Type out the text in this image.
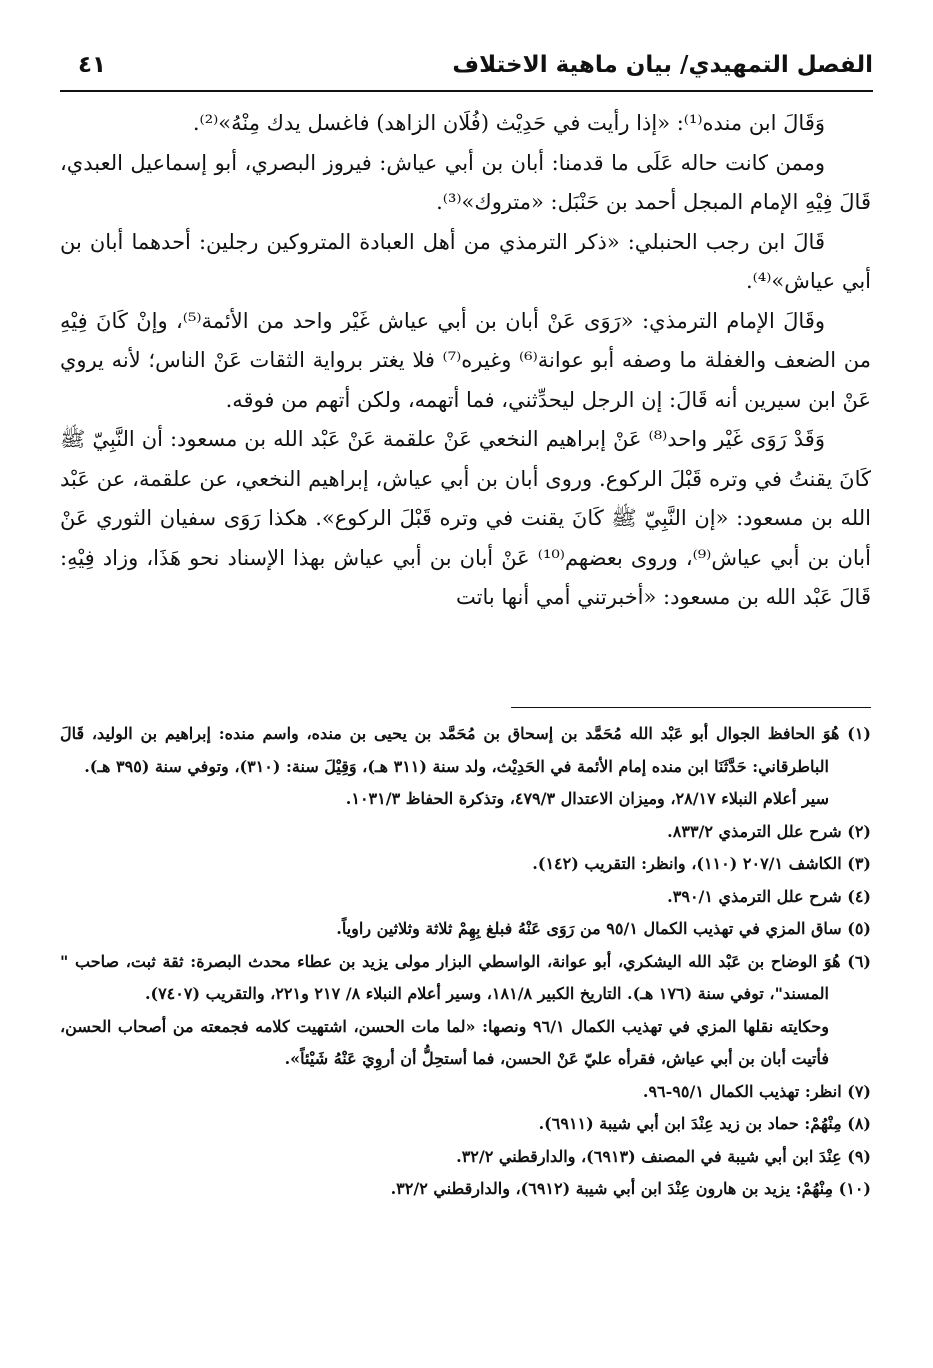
الفصل التمهيدي/ بيان ماهية الاختلاف
٤١

وَقَالَ ابن منده⁽¹⁾: «إذا رأيت في حَدِيْث (فُلَان الزاهد) فاغسل يدك مِنْهُ»⁽²⁾.

وممن كانت حاله عَلَى ما قدمنا: أبان بن أبي عياش: فيروز البصري، أبو إسماعيل العبدي، قَالَ فِيْهِ الإمام المبجل أحمد بن حَنْبَل: «متروك»⁽³⁾.

قَالَ ابن رجب الحنبلي: «ذكر الترمذي من أهل العبادة المتروكين رجلين: أحدهما أبان بن أبي عياش»⁽⁴⁾.

وقَالَ الإمام الترمذي: «رَوَى عَنْ أبان بن أبي عياش غَيْر واحد من الأئمة⁽⁵⁾، وإنْ كَانَ فِيْهِ من الضعف والغفلة ما وصفه أبو عوانة⁽⁶⁾ وغيره⁽⁷⁾ فلا يغتر برواية الثقات عَنْ الناس؛ لأنه يروي عَنْ ابن سيرين أنه قَالَ: إن الرجل ليحدِّثني، فما أتهمه، ولكن أتهم من فوقه.

وَقَدْ رَوَى غَيْر واحد⁽⁸⁾ عَنْ إبراهيم النخعي عَنْ علقمة عَنْ عَبْد الله بن مسعود: أن النَّبِيّ ﷺ كَانَ يقنتُ في وتره قَبْلَ الركوع. وروى أبان بن أبي عياش، إبراهيم النخعي، عن علقمة، عن عَبْد الله بن مسعود: «إن النَّبِيّ ﷺ كَانَ يقنت في وتره قَبْلَ الركوع». هكذا رَوَى سفيان الثوري عَنْ أبان بن أبي عياش⁽⁹⁾، وروى بعضهم⁽¹⁰⁾ عَنْ أبان بن أبي عياش بهذا الإسناد نحو هَذَا، وزاد فِيْهِ: قَالَ عَبْد الله بن مسعود: «أخبرتني أمي أنها باتت

(١) هُوَ الحافظ الجوال أبو عَبْد الله مُحَمَّد بن إسحاق بن مُحَمَّد بن يحيى بن منده، واسم منده: إبراهيم بن الوليد، قَالَ الباطرقاني: حَدَّثَنَا ابن منده إمام الأئمة في الحَدِيْث، ولد سنة (٣١١ هـ)، وَقِيْلَ سنة: (٣١٠)، وتوفي سنة (٣٩٥ هـ).

سير أعلام النبلاء ٢٨/١٧، وميزان الاعتدال ٤٧٩/٣، وتذكرة الحفاظ ١٠٣١/٣.

(٢) شرح علل الترمذي ٨٣٣/٢.

(٣) الكاشف ٢٠٧/١ (١١٠)، وانظر: التقريب (١٤٢).

(٤) شرح علل الترمذي ٣٩٠/١.

(٥) ساق المزي في تهذيب الكمال ٩٥/١ من رَوَى عَنْهُ فبلغ بِهِمْ ثلاثة وثلاثين راوياً.

(٦) هُوَ الوضاح بن عَبْد الله اليشكري، أبو عوانة، الواسطي البزار مولى يزيد بن عطاء محدث البصرة: ثقة ثبت، صاحب " المسند"، توفي سنة (١٧٦ هـ). التاريخ الكبير ١٨١/٨، وسير أعلام النبلاء ٨/ ٢١٧ و٢٢١، والتقريب (٧٤٠٧).

وحكايته نقلها المزي في تهذيب الكمال ٩٦/١ ونصها: «لما مات الحسن، اشتهيت كلامه فجمعته من أصحاب الحسن، فأتيت أبان بن أبي عياش، فقرأه عليّ عَنْ الحسن، فما أستحِلُّ أن أروِيَ عَنْهُ شَيْئاً».

(٧) انظر: تهذيب الكمال ٩٥/١-٩٦.

(٨) مِنْهُمْ: حماد بن زيد عِنْدَ ابن أبي شيبة (٦٩١١).

(٩) عِنْدَ ابن أبي شيبة في المصنف (٦٩١٣)، والدارقطني ٣٢/٢.

(١٠) مِنْهُمْ: يزيد بن هارون عِنْدَ ابن أبي شيبة (٦٩١٢)، والدارقطني ٣٢/٢.
